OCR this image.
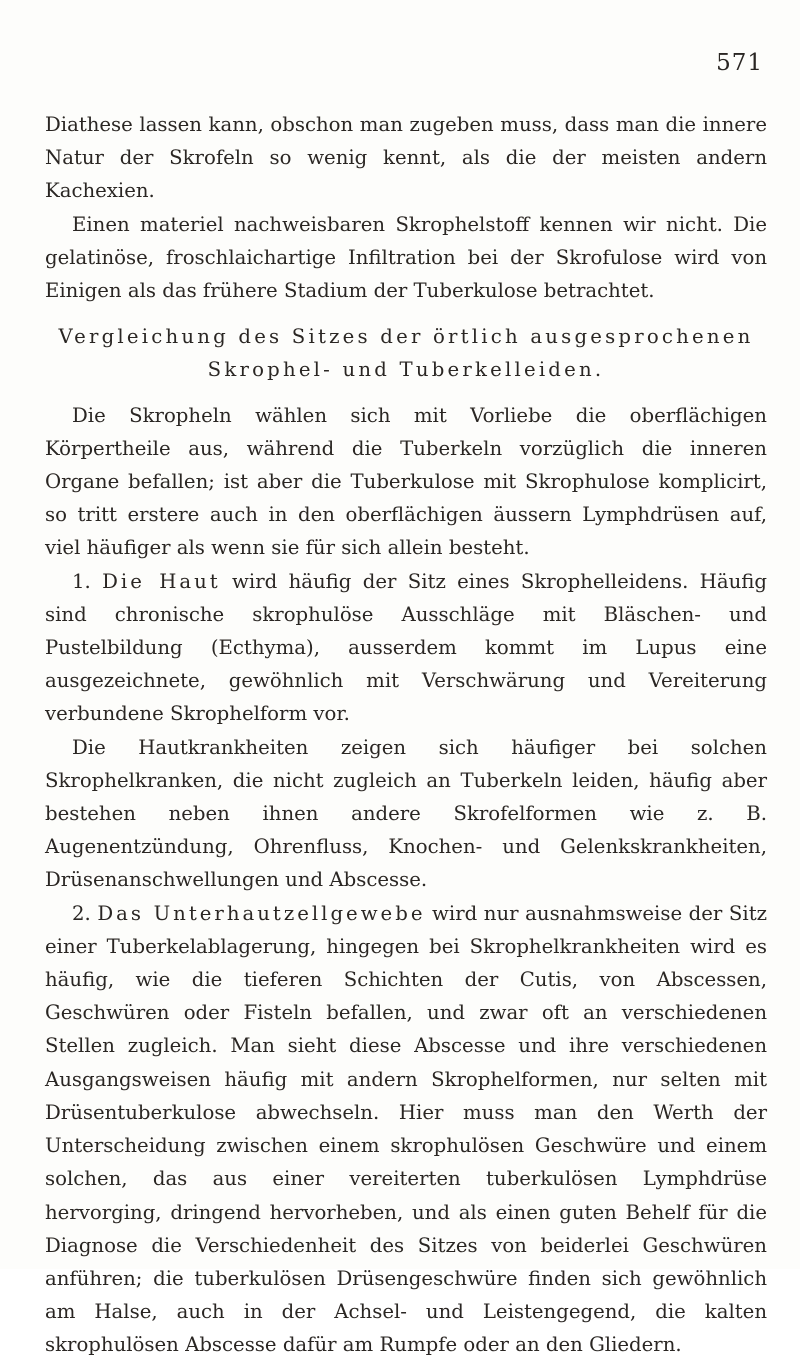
571

Diathese lassen kann, obschon man zugeben muss, dass man die innere Natur der Skrofeln so wenig kennt, als die der meisten andern Kachexien.

Einen materiel nachweisbaren Skrophelstoff kennen wir nicht. Die gelatinöse, froschlaichartige Infiltration bei der Skrofulose wird von Einigen als das frühere Stadium der Tuberkulose betrachtet.

Vergleichung des Sitzes der örtlich ausgesprochenen Skrophel- und Tuberkelleiden.

Die Skropheln wählen sich mit Vorliebe die oberflächigen Körpertheile aus, während die Tuberkeln vorzüglich die inneren Organe befallen; ist aber die Tuberkulose mit Skrophulose komplicirt, so tritt erstere auch in den oberflächigen äussern Lymphdrüsen auf, viel häufiger als wenn sie für sich allein besteht.

1. Die Haut wird häufig der Sitz eines Skrophelleidens. Häufig sind chronische skrophulöse Ausschläge mit Bläschen- und Pustelbildung (Ecthyma), ausserdem kommt im Lupus eine ausgezeichnete, gewöhnlich mit Verschwärung und Vereiterung verbundene Skrophelform vor.

Die Hautkrankheiten zeigen sich häufiger bei solchen Skrophelkranken, die nicht zugleich an Tuberkeln leiden, häufig aber bestehen neben ihnen andere Skrofelformen wie z. B. Augenentzündung, Ohrenfluss, Knochen- und Gelenkskrankheiten, Drüsenanschwellungen und Abscesse.

2. Das Unterhautzellgewebe wird nur ausnahmsweise der Sitz einer Tuberkelablagerung, hingegen bei Skrophelkrankheiten wird es häufig, wie die tieferen Schichten der Cutis, von Abscessen, Geschwüren oder Fisteln befallen, und zwar oft an verschiedenen Stellen zugleich. Man sieht diese Abscesse und ihre verschiedenen Ausgangsweisen häufig mit andern Skrophelformen, nur selten mit Drüsentuberkulose abwechseln. Hier muss man den Werth der Unterscheidung zwischen einem skrophulösen Geschwüre und einem solchen, das aus einer vereiterten tuberkulösen Lymphdrüse hervorging, dringend hervorheben, und als einen guten Behelf für die Diagnose die Verschiedenheit des Sitzes von beiderlei Geschwüren anführen; die tuberkulösen Drüsengeschwüre finden sich gewöhnlich am Halse, auch in der Achsel- und Leistengegend, die kalten skrophulösen Abscesse dafür am Rumpfe oder an den Gliedern.
